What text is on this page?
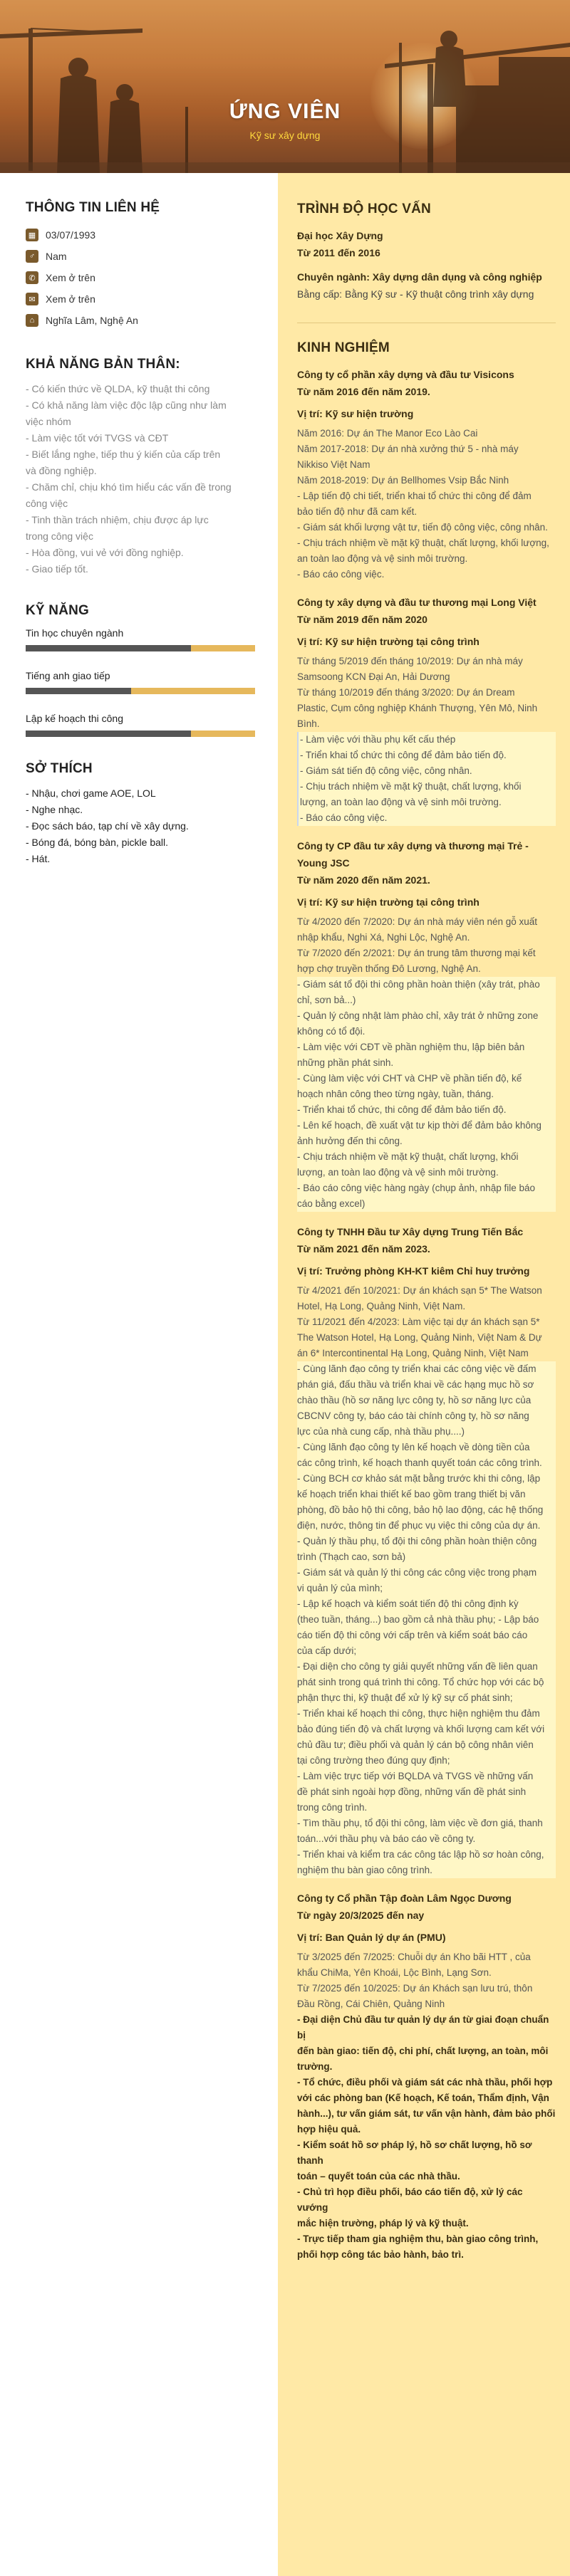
ỨNG VIÊN
Kỹ sư xây dựng
THÔNG TIN LIÊN HỆ
▦ 03/07/1993
♂	Nam
✆	Xem ở trên
✉	Xem ở trên
⌂	Nghĩa Lâm, Nghệ An
KHẢ NĂNG BẢN THÂN:
- Có kiến thức về QLDA, kỹ thuật thi công
- Có khả năng làm việc độc lập cũng như làm
việc nhóm
- Làm việc tốt với TVGS và CĐT
- Biết lắng nghe, tiếp thu ý kiến của cấp trên
và đồng nghiệp.
- Chăm chỉ, chịu khó tìm hiểu các vấn đề trong
công việc
- Tinh thần trách nhiệm, chịu được áp lực
trong công việc
- Hòa đồng, vui vẻ với đồng nghiệp.
- Giao tiếp tốt.
KỸ NĂNG
Tin học chuyên ngành
Tiếng anh giao tiếp
Lập kế hoạch thi công
SỞ THÍCH
- Nhậu, chơi game AOE, LOL
- Nghe nhạc.
- Đọc sách báo, tạp chí về xây dựng.
- Bóng đá, bóng bàn, pickle ball.
- Hát.
TRÌNH ĐỘ HỌC VẤN
Đại học Xây Dựng
Từ 2011 đến 2016
Chuyên ngành: Xây dựng dân dụng và công nghiệp
Bằng cấp: Bằng Kỹ sư - Kỹ thuật công trình xây dựng
KINH NGHIỆM
Công ty cổ phần xây dựng và đầu tư Visicons
Từ năm 2016 đến năm 2019.
Vị trí: Kỹ sư hiện trường
Năm 2016: Dự án The Manor Eco Lào Cai
Năm 2017-2018: Dự án nhà xưởng thứ 5 - nhà máy
Nikkiso Việt Nam
Năm 2018-2019: Dự án Bellhomes Vsip Bắc Ninh
- Lập tiến độ chi tiết, triển khai tổ chức thi công để đảm
bảo tiến độ như đã cam kết.
- Giám sát khối lượng vật tư, tiến độ công việc, công nhân.
- Chịu trách nhiệm về mặt kỹ thuật, chất lượng, khối lượng,
an toàn lao động và vệ sinh môi trường.
- Báo cáo công việc.
Công ty xây dựng và đầu tư thương mại Long Việt
Từ năm 2019 đến năm 2020
Vị trí: Kỹ sư hiện trường tại công trình
Từ tháng 5/2019 đến tháng 10/2019: Dự án nhà máy
Samsoong KCN Đại An, Hải Dương
Từ tháng 10/2019 đến tháng 3/2020: Dự án Dream
Plastic, Cụm công nghiệp Khánh Thượng, Yên Mô, Ninh
Bình.
- Làm việc với thầu phụ kết cấu thép
- Triển khai tổ chức thi công để đảm bảo tiến độ.
- Giám sát tiến độ công việc, công nhân.
- Chịu trách nhiệm về mặt kỹ thuật, chất lượng, khối
lượng, an toàn lao động và vệ sinh môi trường.
- Báo cáo công việc.
Công ty CP đầu tư xây dựng và thương mại Trẻ - Young JSC
Từ năm 2020 đến năm 2021.
Vị trí: Kỹ sư hiện trường tại công trình
Từ 4/2020 đến 7/2020: Dự án nhà máy viên nén gỗ xuất
nhập khẩu, Nghi Xá, Nghi Lộc, Nghệ An.
Từ 7/2020 đến 2/2021: Dự án trung tâm thương mại kết
hợp chợ truyền thống Đô Lương, Nghệ An.
- Giám sát tổ đội thi công phần hoàn thiện (xây trát, phào
chỉ, sơn bả...)
- Quản lý công nhật làm phào chỉ, xây trát ở những zone
không có tổ đội.
- Làm việc với CĐT về phần nghiệm thu, lập biên bản
những phần phát sinh.
- Cùng làm việc với CHT và CHP về phần tiến độ, kế
hoạch nhân công theo từng ngày, tuần, tháng.
- Triển khai tổ chức, thi công để đảm bảo tiến độ.
- Lên kế hoạch, đề xuất vật tư kịp thời để đảm bảo không
ảnh hưởng đến thi công.
- Chịu trách nhiệm về mặt kỹ thuật, chất lượng, khối
lượng, an toàn lao động và vệ sinh môi trường.
- Báo cáo công việc hàng ngày (chụp ảnh, nhập file báo
cáo bằng excel)
Công ty TNHH Đầu tư Xây dựng Trung Tiến Bắc
Từ năm 2021 đến năm 2023.
Vị trí: Trưởng phòng KH-KT kiêm Chỉ huy trưởng
Từ 4/2021 đến 10/2021: Dự án khách sạn 5* The Watson
Hotel, Hạ Long, Quảng Ninh, Việt Nam.
Từ 11/2021 đến 4/2023: Làm việc tại dự án khách sạn 5*
The Watson Hotel, Hạ Long, Quảng Ninh, Việt Nam & Dự
án 6* Intercontinental Hạ Long, Quảng Ninh, Việt Nam
- Cùng lãnh đạo công ty triển khai các công việc về đấm
phán giá, đấu thầu và triển khai về các hạng mục hồ sơ
chào thầu (hồ sơ năng lực công ty, hồ sơ năng lực của
CBCNV công ty, báo cáo tài chính công ty, hồ sơ năng
lực của nhà cung cấp, nhà thầu phụ....)
- Cùng lãnh đạo công ty lên kế hoạch về dòng tiền của
các công trình, kế hoạch thanh quyết toán các công trình.
- Cùng BCH cơ khảo sát mặt bằng trước khi thi công, lập
kế hoạch triển khai thiết kế bao gồm trang thiết bị văn
phòng, đồ bảo hộ thi công, bảo hộ lao động, các hệ thống
điện, nước, thông tin để phục vụ việc thi công của dự án.
- Quản lý thầu phụ, tổ đội thi công phần hoàn thiện công
trình (Thạch cao, sơn bả)
- Giám sát và quản lý thi công các công việc trong phạm
vi quản lý của mình;
- Lập kế hoạch và kiểm soát tiến độ thi công định kỳ
(theo tuần, tháng...) bao gồm cả nhà thầu phụ; - Lập báo
cáo tiến độ thi công với cấp trên và kiểm soát báo cáo
của cấp dưới;
- Đại diện cho công ty giải quyết những vấn đề liên quan
phát sinh trong quá trình thi công. Tổ chức họp với các bộ
phận thực thi, kỹ thuật để xử lý kỹ sự cố phát sinh;
- Triển khai kế hoạch thi công, thực hiện nghiệm thu đảm
bảo đúng tiến độ và chất lượng và khối lượng cam kết với
chủ đầu tư; điều phối và quản lý cán bộ công nhân viên
tại công trường theo đúng quy định;
- Làm việc trực tiếp với BQLDA và TVGS về những vấn
đề phát sinh ngoài hợp đồng, những vấn đề phát sinh
trong công trình.
- Tìm thầu phụ, tổ đội thi công, làm việc về đơn giá, thanh
toán...với thầu phụ và báo cáo về công ty.
- Triển khai và kiểm tra các công tác lập hồ sơ hoàn công,
nghiệm thu bàn giao công trình.
Công ty Cổ phần Tập đoàn Lâm Ngọc Dương
Từ ngày 20/3/2025 đến nay
Vị trí: Ban Quản lý dự án (PMU)
Từ 3/2025 đến 7/2025: Chuỗi dự án Kho bãi HTT , của
khẩu ChiMa, Yên Khoái, Lộc Bình, Lạng Sơn.
Từ 7/2025 đến 10/2025: Dự án Khách sạn lưu trú, thôn
Đầu Rồng, Cái Chiên, Quảng Ninh
- Đại diện Chủ đầu tư quản lý dự án từ giai đoạn chuẩn bị
đến bàn giao: tiến độ, chi phí, chất lượng, an toàn, môi
trường.
- Tổ chức, điều phối và giám sát các nhà thầu, phối hợp
với các phòng ban (Kế hoạch, Kế toán, Thẩm định, Vận
hành...), tư vấn giám sát, tư vấn vận hành, đảm bảo phối
hợp hiệu quả.
- Kiểm soát hồ sơ pháp lý, hồ sơ chất lượng, hồ sơ thanh
toán – quyết toán của các nhà thầu.
- Chủ trì họp điều phối, báo cáo tiến độ, xử lý các vướng
mắc hiện trường, pháp lý và kỹ thuật.
- Trực tiếp tham gia nghiệm thu, bàn giao công trình,
phối hợp công tác bảo hành, bảo trì.
